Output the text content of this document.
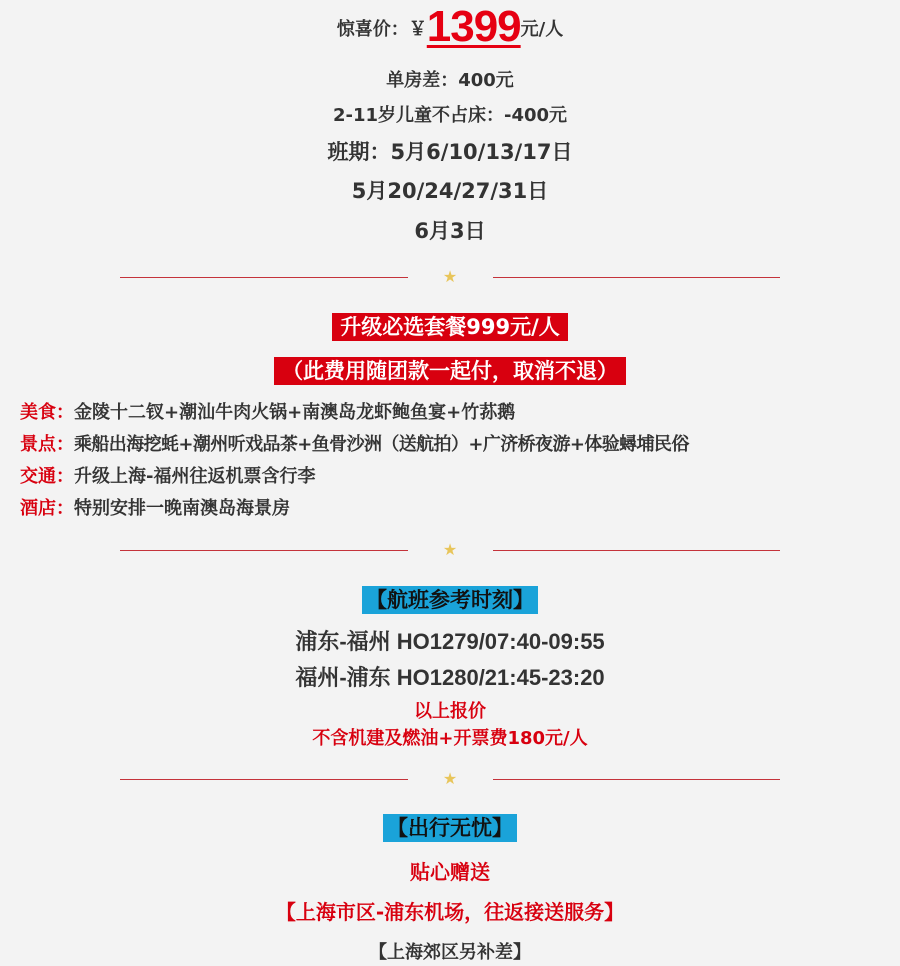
惊喜价：￥1399元/人
单房差：400元
2-11岁儿童不占床：-400元
班期：5月6/10/13/17日
5月20/24/27/31日
6月3日
★
升级必选套餐999元/人
（此费用随团款一起付，取消不退）
美食：金陵十二钗+潮汕牛肉火锅+南澳岛龙虾鲍鱼宴+竹荪鹅
景点：乘船出海挖蚝+潮州听戏品茶+鱼骨沙洲（送航拍）+广济桥夜游+体验蟳埔民俗
交通：升级上海-福州往返机票含行李
酒店：特别安排一晚南澳岛海景房
★
【航班参考时刻】
浦东-福州 HO1279/07:40-09:55
福州-浦东 HO1280/21:45-23:20
以上报价
不含机建及燃油+开票费180元/人
★
【出行无忧】
贴心赠送
【上海市区-浦东机场，往返接送服务】
【上海郊区另补差】
